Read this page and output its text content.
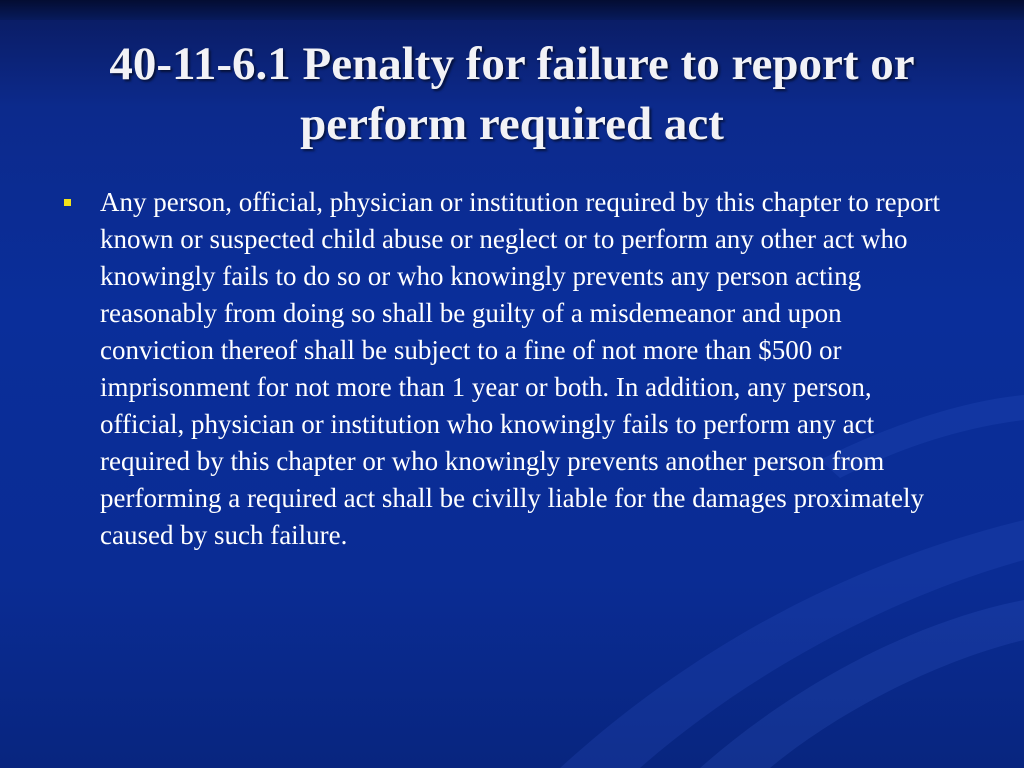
40-11-6.1 Penalty for failure to report or perform required act
Any person, official, physician or institution required by this chapter to report known or suspected child abuse or neglect or to perform any other act who knowingly fails to do so or who knowingly prevents any person acting reasonably from doing so shall be guilty of a misdemeanor and upon conviction thereof shall be subject to a fine of not more than $500 or imprisonment for not more than 1 year or both. In addition, any person, official, physician or institution who knowingly fails to perform any act required by this chapter or who knowingly prevents another person from performing a required act shall be civilly liable for the damages proximately caused by such failure.
